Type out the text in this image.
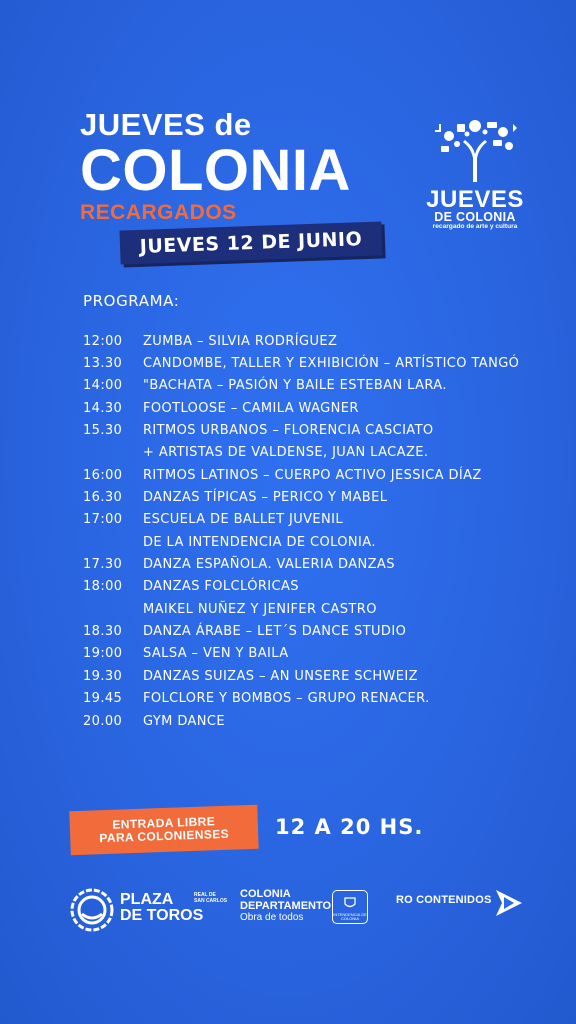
JUEVES de
COLONIA
RECARGADOS
JUEVES 12 DE JUNIO
JUEVES
DE COLONIA
recargado de arte y cultura
PROGRAMA:
12:00	ZUMBA – SILVIA RODRÍGUEZ
13.30	CANDOMBE, TALLER Y EXHIBICIÓN – ARTÍSTICO TANGÓ
14:00	"BACHATA – PASIÓN Y BAILE ESTEBAN LARA.
14.30	FOOTLOOSE – CAMILA WAGNER
15.30	RITMOS URBANOS – FLORENCIA CASCIATO
+ ARTISTAS DE VALDENSE, JUAN LACAZE.
16:00	RITMOS LATINOS – CUERPO ACTIVO JESSICA DÍAZ
16.30	DANZAS TÍPICAS – PERICO Y MABEL
17:00	ESCUELA DE BALLET JUVENIL
DE LA INTENDENCIA DE COLONIA.
17.30	DANZA ESPAÑOLA. VALERIA DANZAS
18:00	DANZAS FOLCLÓRICAS
MAIKEL NUÑEZ Y JENIFER CASTRO
18.30	DANZA ÁRABE – LET´S DANCE STUDIO
19:00	SALSA – VEN Y BAILA
19.30	DANZAS SUIZAS – AN UNSERE SCHWEIZ
19.45	FOLCLORE Y BOMBOS – GRUPO RENACER.
20.00	GYM DANCE
ENTRADA LIBRE
PARA COLONIENSES	12 A 20 HS.
PLAZA
DE TOROS
REAL DE
SAN CARLOS
COLONIA
DEPARTAMENTO
Obra de todos	INTENDENCIA DE COLONIA
RO CONTENIDOS
